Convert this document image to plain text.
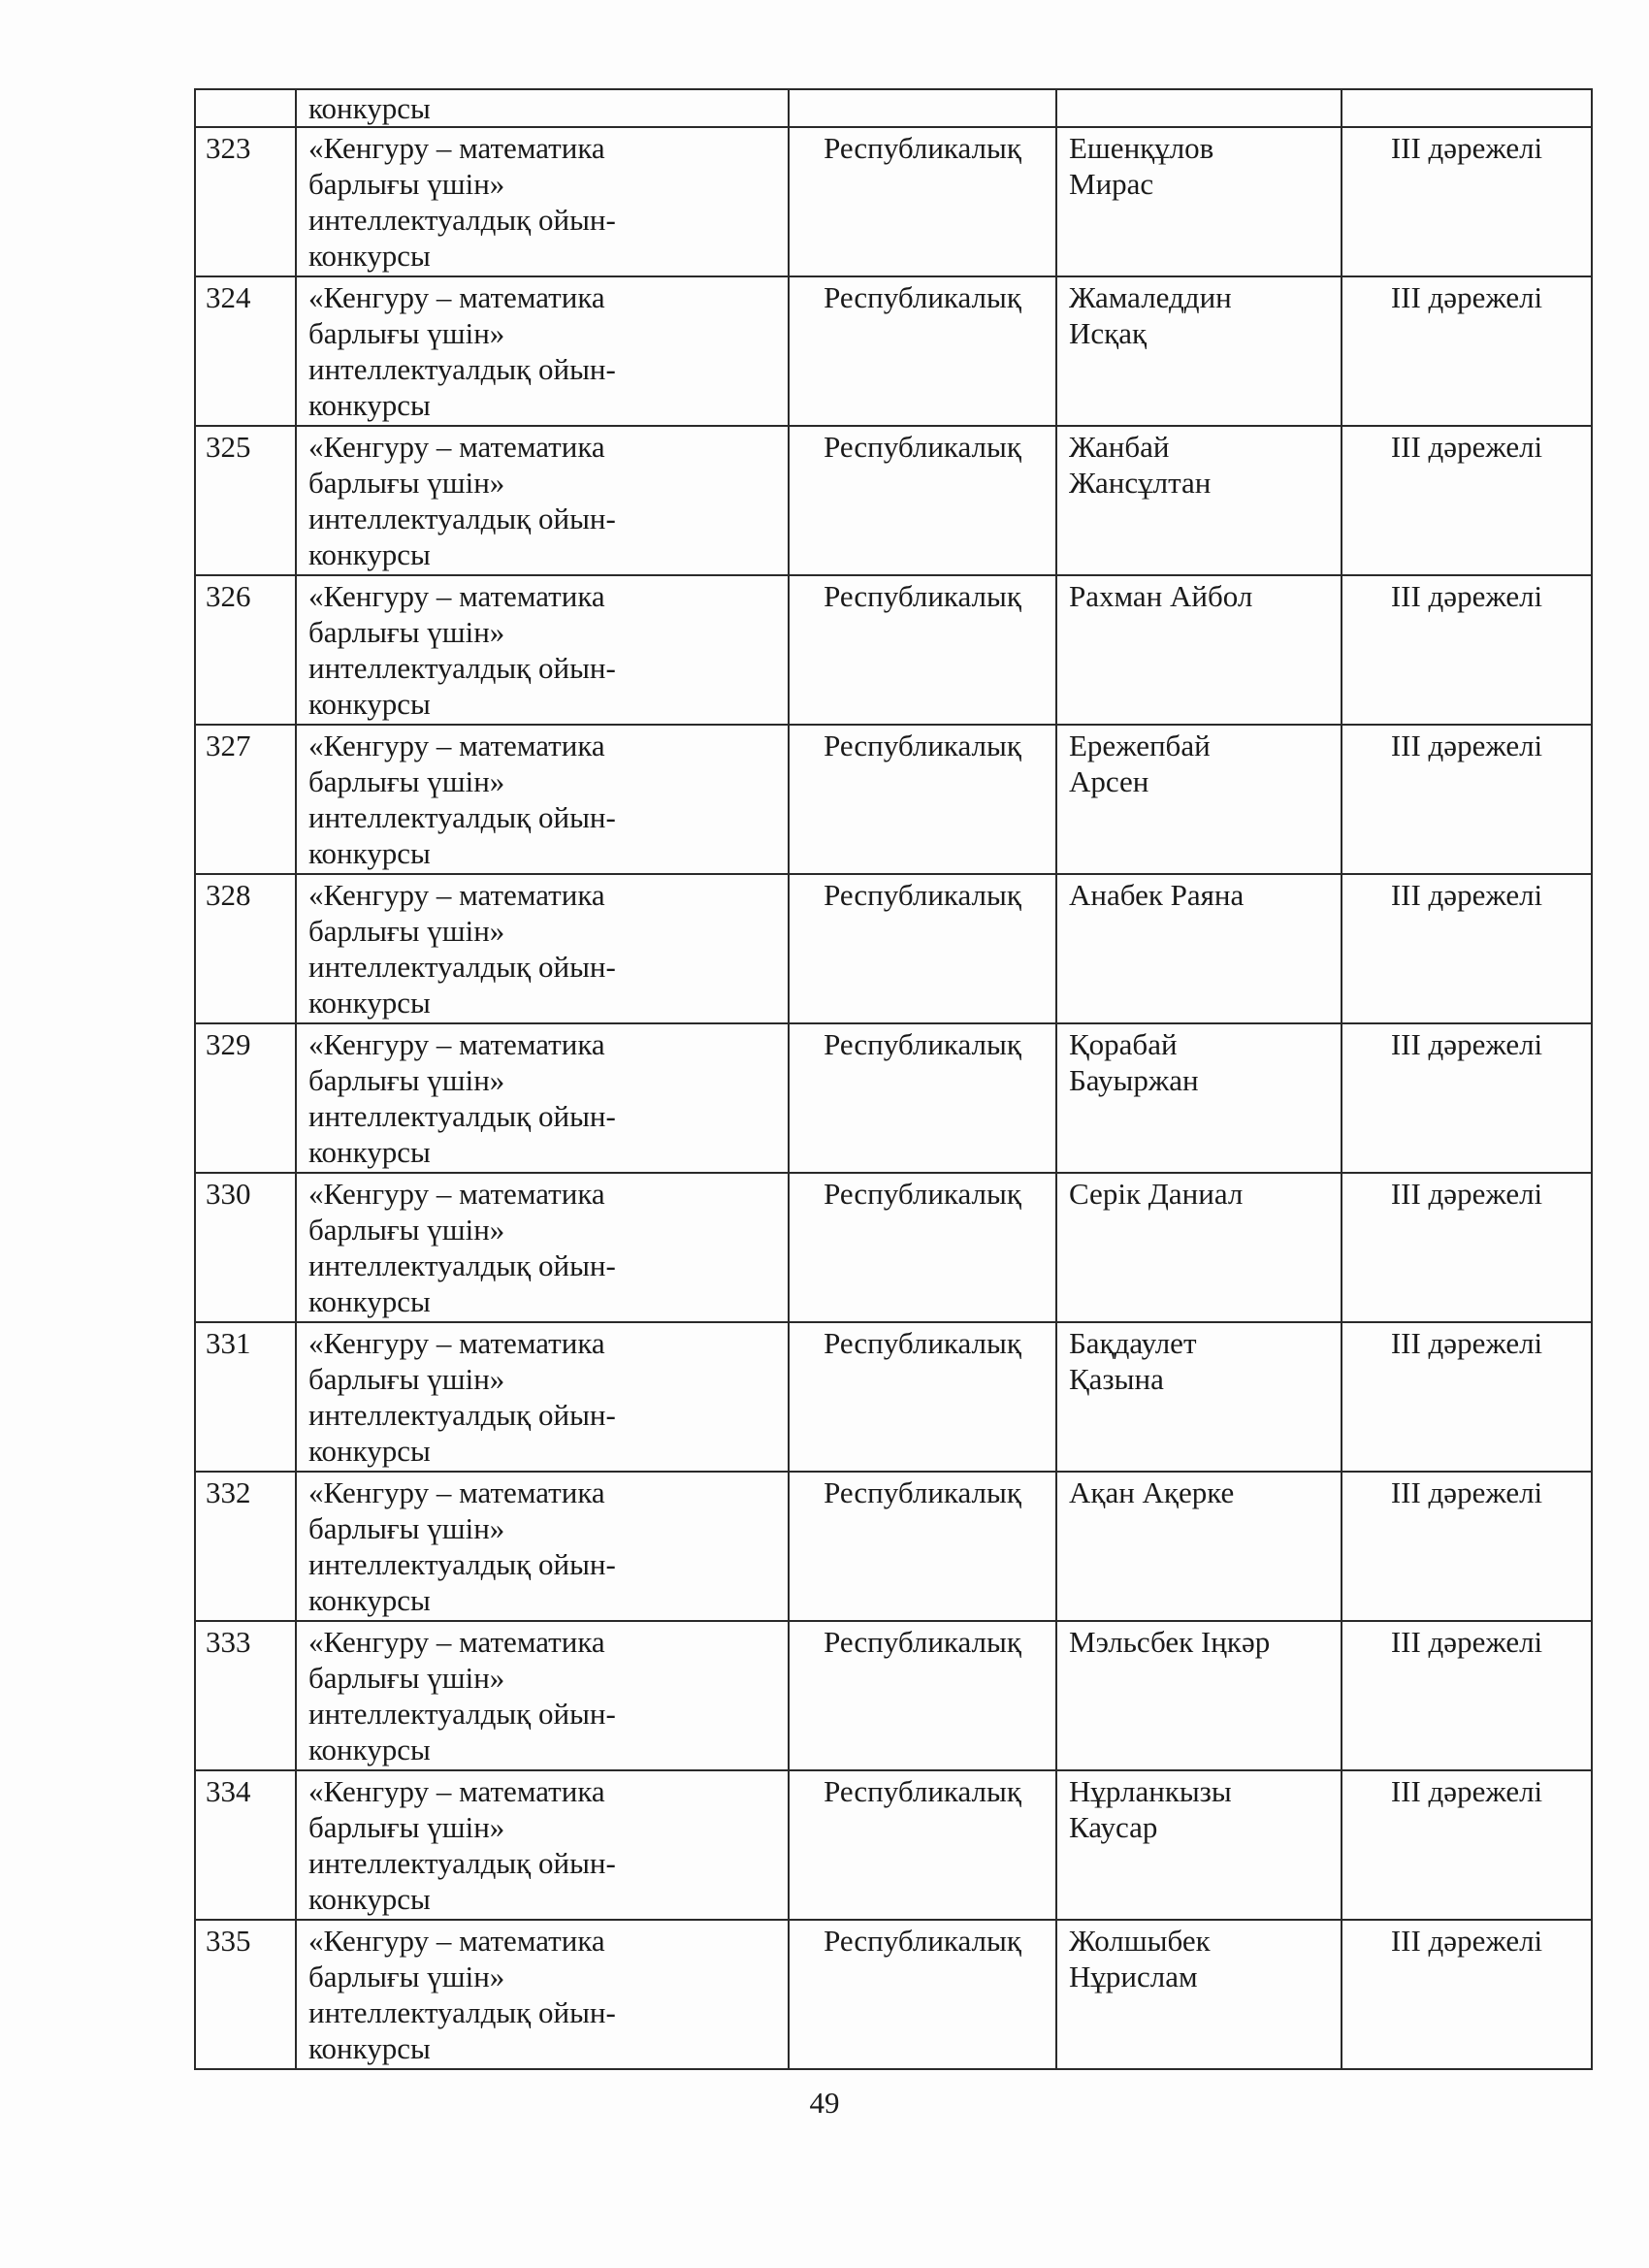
	конкурсы			

323	«Кенгуру – математика
барлығы үшін»
интеллектуалдық ойын-
конкурсы	Республикалық	Ешенқұлов
Мирас	ІІІ дәрежелі
324	«Кенгуру – математика
барлығы үшін»
интеллектуалдық ойын-
конкурсы	Республикалық	Жамаледдин
Исқақ	ІІІ дәрежелі
325	«Кенгуру – математика
барлығы үшін»
интеллектуалдық ойын-
конкурсы	Республикалық	Жанбай
Жансұлтан	ІІІ дәрежелі
326	«Кенгуру – математика
барлығы үшін»
интеллектуалдық ойын-
конкурсы	Республикалық	Рахман Айбол	ІІІ дәрежелі
327	«Кенгуру – математика
барлығы үшін»
интеллектуалдық ойын-
конкурсы	Республикалық	Ережепбай
Арсен	ІІІ дәрежелі
328	«Кенгуру – математика
барлығы үшін»
интеллектуалдық ойын-
конкурсы	Республикалық	Анабек Раяна	ІІІ дәрежелі
329	«Кенгуру – математика
барлығы үшін»
интеллектуалдық ойын-
конкурсы	Республикалық	Қорабай
Бауыржан	ІІІ дәрежелі
330	«Кенгуру – математика
барлығы үшін»
интеллектуалдық ойын-
конкурсы	Республикалық	Серік Даниал	ІІІ дәрежелі
331	«Кенгуру – математика
барлығы үшін»
интеллектуалдық ойын-
конкурсы	Республикалық	Бақдаулет
Қазына	ІІІ дәрежелі
332	«Кенгуру – математика
барлығы үшін»
интеллектуалдық ойын-
конкурсы	Республикалық	Ақан Ақерке	ІІІ дәрежелі
333	«Кенгуру – математика
барлығы үшін»
интеллектуалдық ойын-
конкурсы	Республикалық	Мэльсбек Іңкәр	ІІІ дәрежелі
334	«Кенгуру – математика
барлығы үшін»
интеллектуалдық ойын-
конкурсы	Республикалық	Нұрланкызы
Каусар	ІІІ дәрежелі
335	«Кенгуру – математика
барлығы үшін»
интеллектуалдық ойын-
конкурсы	Республикалық	Жолшыбек
Нұрислам	ІІІ дәрежелі
49
